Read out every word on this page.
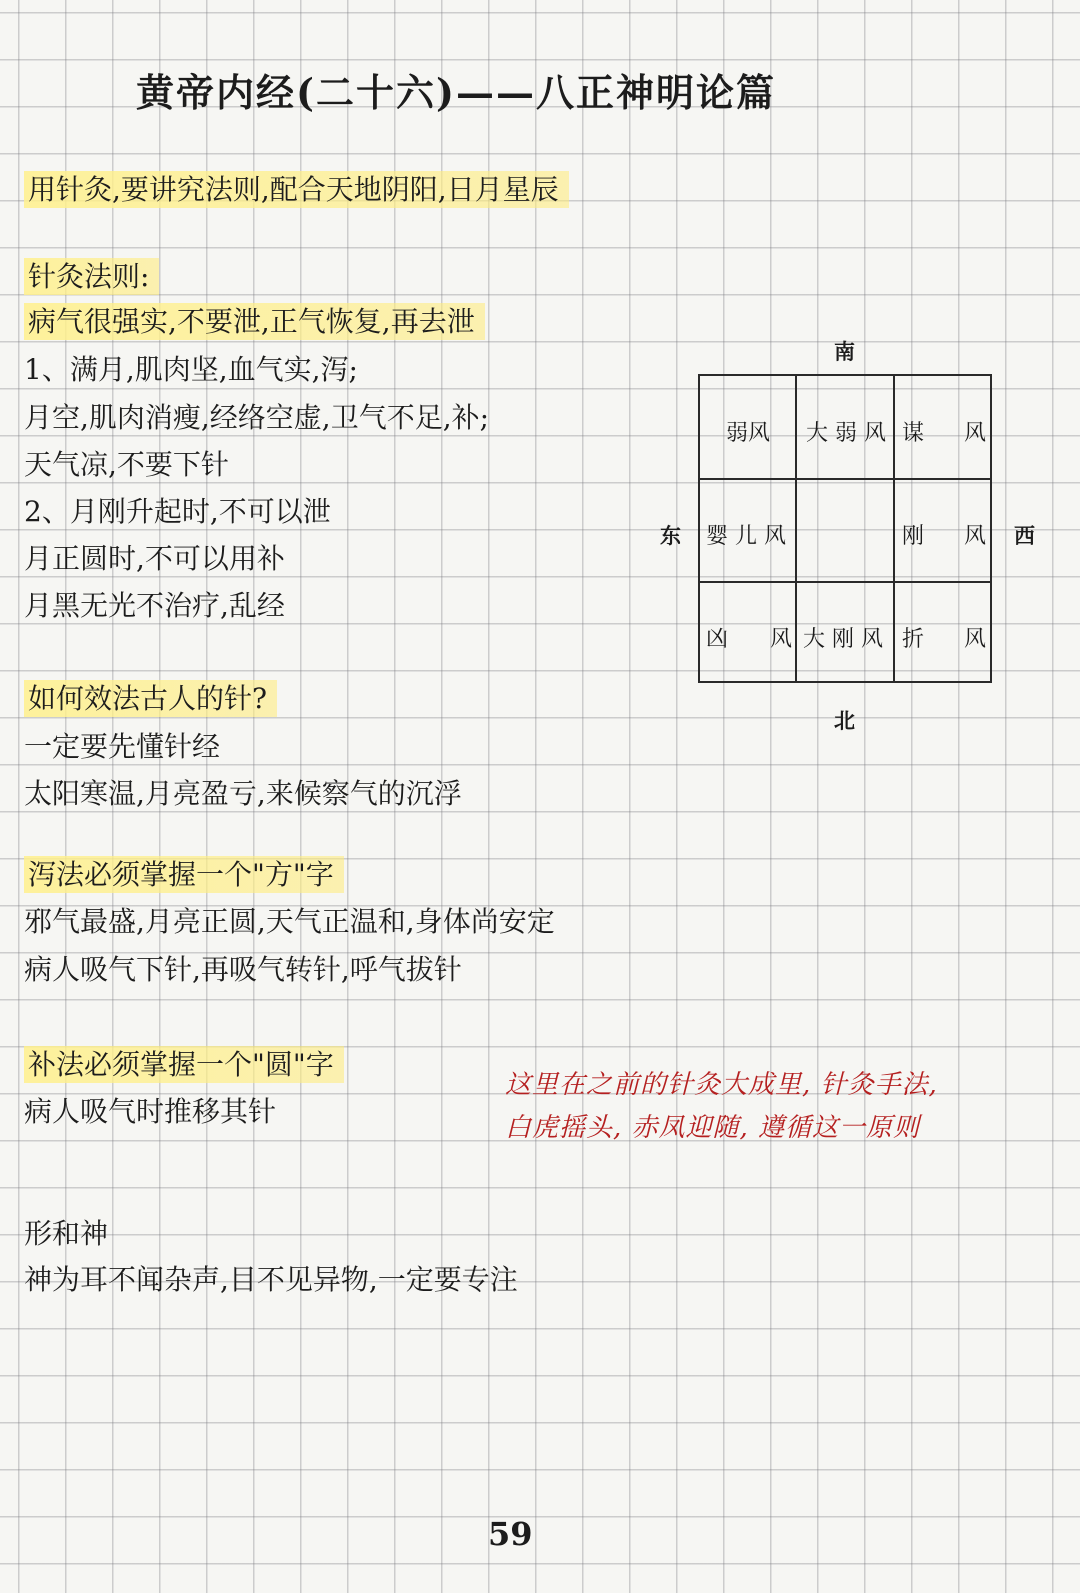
黄帝内经(二十六)——八正神明论篇
用针灸,要讲究法则,配合天地阴阳,日月星辰
针灸法则:
病气很强实,不要泄,正气恢复,再去泄
1、满月,肌肉坚,血气实,泻;
月空,肌肉消瘦,经络空虚,卫气不足,补;
天气凉,不要下针
2、月刚升起时,不可以泄
月正圆时,不可以用补
月黑无光不治疗,乱经
南
北
东	西
弱风 大 弱 风 谋 风
婴 儿 风	刚 风
凶 风 大 刚 风 折 风
如何效法古人的针?
一定要先懂针经
太阳寒温,月亮盈亏,来候察气的沉浮
泻法必须掌握一个"方"字
邪气最盛,月亮正圆,天气正温和,身体尚安定
病人吸气下针,再吸气转针,呼气拔针
补法必须掌握一个"圆"字
病人吸气时推移其针
这里在之前的针灸大成里, 针灸手法,
白虎摇头, 赤凤迎随, 遵循这一原则
形和神
神为耳不闻杂声,目不见异物,一定要专注
59
